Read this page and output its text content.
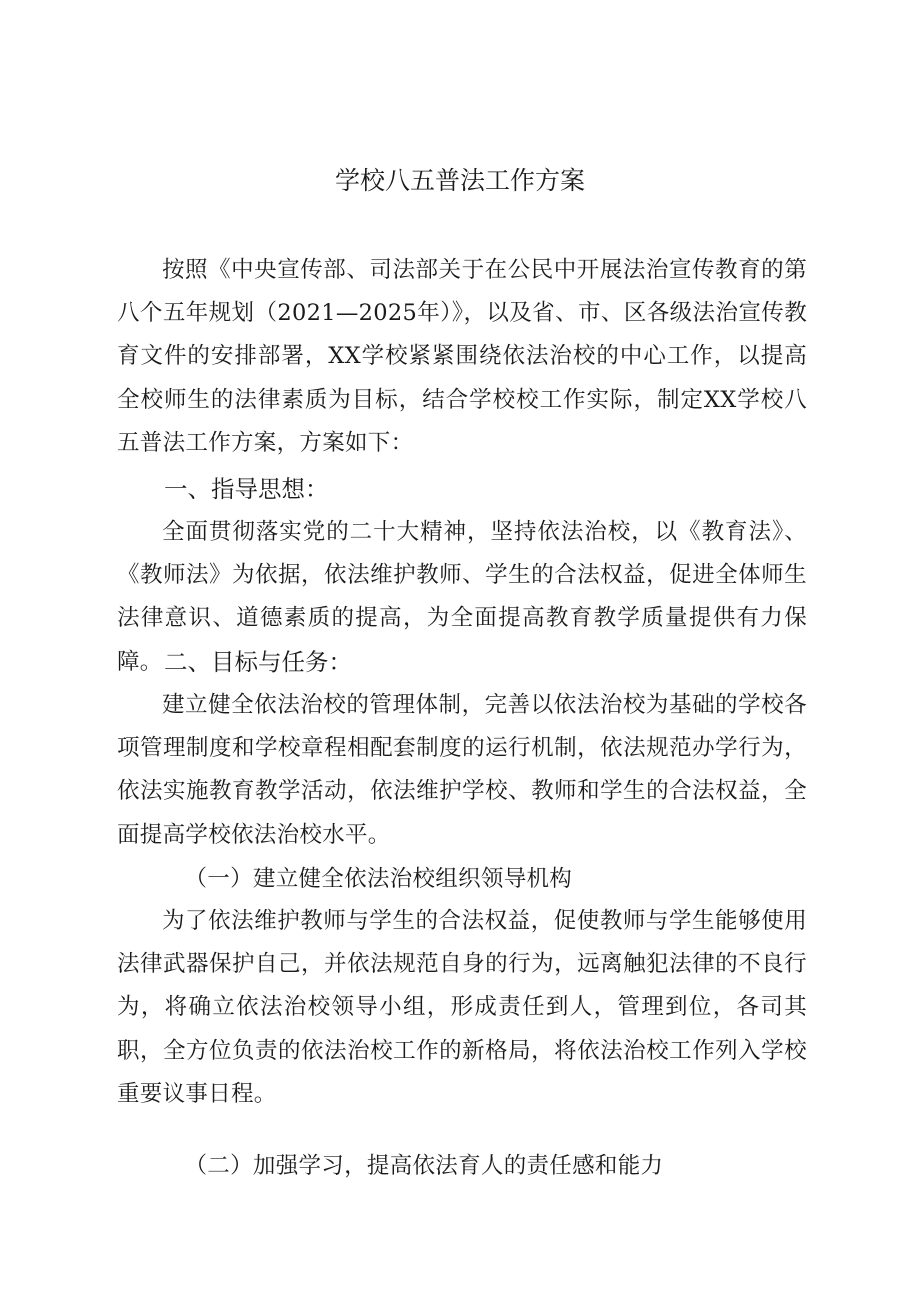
学校八五普法工作方案

按照《中央宣传部、司法部关于在公民中开展法治宣传教育的第八个五年规划（2021—2025年）》，以及省、市、区各级法治宣传教育文件的安排部署，XX学校紧紧围绕依法治校的中心工作，以提高全校师生的法律素质为目标，结合学校校工作实际，制定XX学校八五普法工作方案，方案如下：

一、指导思想：

全面贯彻落实党的二十大精神，坚持依法治校，以《教育法》、《教师法》为依据，依法维护教师、学生的合法权益，促进全体师生法律意识、道德素质的提高，为全面提高教育教学质量提供有力保障。 二、目标与任务：

建立健全依法治校的管理体制，完善以依法治校为基础的学校各项管理制度和学校章程相配套制度的运行机制，依法规范办学行为，依法实施教育教学活动，依法维护学校、教师和学生的合法权益，全面提高学校依法治校水平。

（一）建立健全依法治校组织领导机构

为了依法维护教师与学生的合法权益，促使教师与学生能够使用法律武器保护自己，并依法规范自身的行为，远离触犯法律的不良行为，将确立依法治校领导小组，形成责任到人，管理到位，各司其职，全方位负责的依法治校工作的新格局，将依法治校工作列入学校重要议事日程。

（二）加强学习，提高依法育人的责任感和能力
